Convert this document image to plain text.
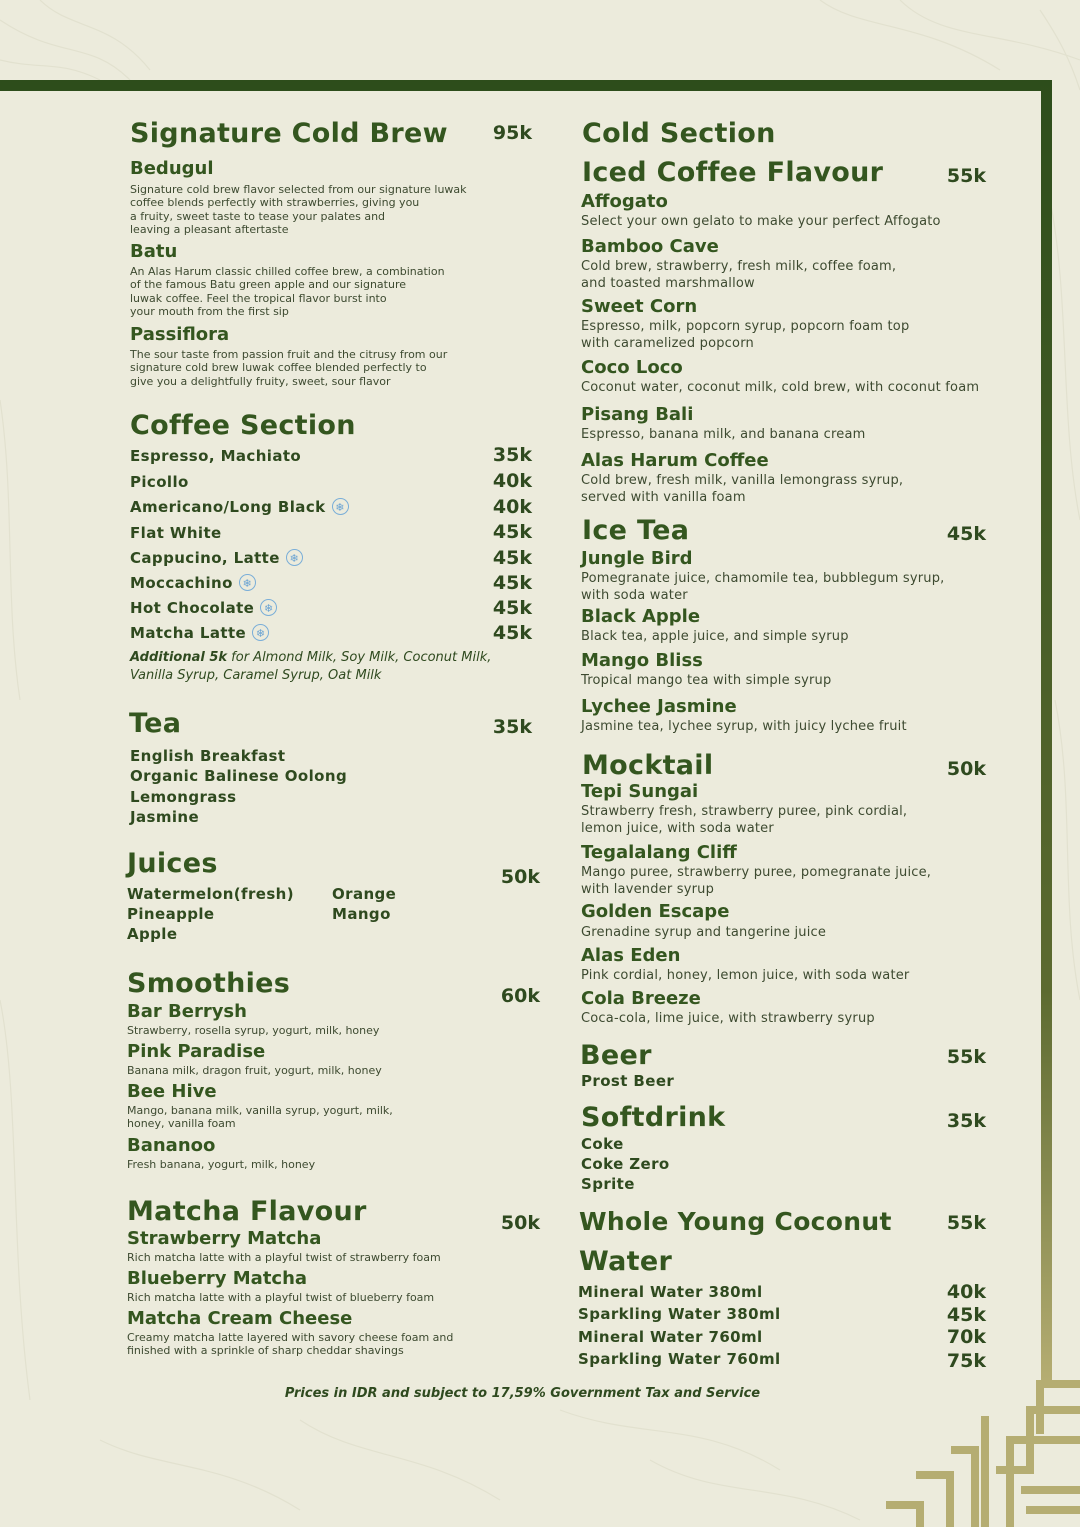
Signature Cold Brew	95k
Bedugul
Signature cold brew flavor selected from our signature luwak
coffee blends perfectly with strawberries, giving you
a fruity, sweet taste to tease your palates and
leaving a pleasant aftertaste
Batu
An Alas Harum classic chilled coffee brew, a combination
of the famous Batu green apple and our signature
luwak coffee. Feel the tropical flavor burst into
your mouth from the first sip
Passiflora
The sour taste from passion fruit and the citrusy from our
signature cold brew luwak coffee blended perfectly to
give you a delightfully fruity, sweet, sour flavor
Coffee Section
Espresso, Machiato	35k
Picollo	40k
Americano/Long Black ❄	40k
Flat White	45k
Cappucino, Latte ❄	45k
Moccachino ❄	45k
Hot Chocolate ❄	45k
Matcha Latte ❄	45k
Additional 5k for Almond Milk, Soy Milk, Coconut Milk,
Vanilla Syrup, Caramel Syrup, Oat Milk
Tea	35k
English Breakfast
Organic Balinese Oolong
Lemongrass
Jasmine
Juices	50k
Watermelon(fresh)
Pineapple
Apple
Orange
Mango
Smoothies	60k
Bar Berrysh
Strawberry, rosella syrup, yogurt, milk, honey
Pink Paradise
Banana milk, dragon fruit, yogurt, milk, honey
Bee Hive
Mango, banana milk, vanilla syrup, yogurt, milk,
honey, vanilla foam
Bananoo
Fresh banana, yogurt, milk, honey
Matcha Flavour	50k
Strawberry Matcha
Rich matcha latte with a playful twist of strawberry foam
Blueberry Matcha
Rich matcha latte with a playful twist of blueberry foam
Matcha Cream Cheese
Creamy matcha latte layered with savory cheese foam and
finished with a sprinkle of sharp cheddar shavings
Cold Section
Iced Coffee Flavour	55k
Affogato
Select your own gelato to make your perfect Affogato
Bamboo Cave
Cold brew, strawberry, fresh milk, coffee foam,
and toasted marshmallow
Sweet Corn
Espresso, milk, popcorn syrup, popcorn foam top
with caramelized popcorn
Coco Loco
Coconut water, coconut milk, cold brew, with coconut foam
Pisang Bali
Espresso, banana milk, and banana cream
Alas Harum Coffee
Cold brew, fresh milk, vanilla lemongrass syrup,
served with vanilla foam
Ice Tea	45k
Jungle Bird
Pomegranate juice, chamomile tea, bubblegum syrup,
with soda water
Black Apple
Black tea, apple juice, and simple syrup
Mango Bliss
Tropical mango tea with simple syrup
Lychee Jasmine
Jasmine tea, lychee syrup, with juicy lychee fruit
Mocktail	50k
Tepi Sungai
Strawberry fresh, strawberry puree, pink cordial,
lemon juice, with soda water
Tegalalang Cliff
Mango puree, strawberry puree, pomegranate juice,
with lavender syrup
Golden Escape
Grenadine syrup and tangerine juice
Alas Eden
Pink cordial, honey, lemon juice, with soda water
Cola Breeze
Coca-cola, lime juice, with strawberry syrup
Beer	55k
Prost Beer
Softdrink	35k
Coke
Coke Zero
Sprite
Whole Young Coconut	55k
Water
Mineral Water 380ml	40k
Sparkling Water 380ml	45k
Mineral Water 760ml	70k
Sparkling Water 760ml	75k
Prices in IDR and subject to 17,59% Government Tax and Service
